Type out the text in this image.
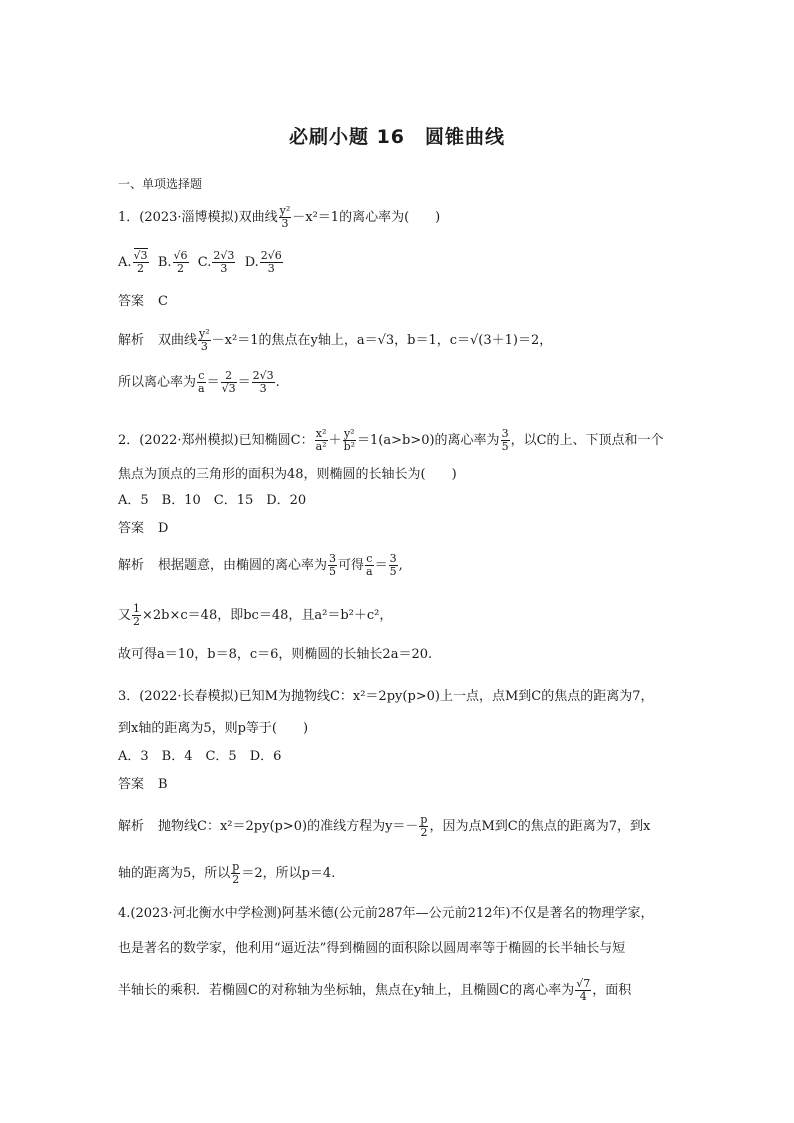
必刷小题 16　圆锥曲线
一、单项选择题
1．(2023·淄博模拟)双曲线 $\frac{\text{y²}}{3} -x^2=1$的离心率为(　　)
A. $\frac{√3}{2} B$. $\frac{√6}{2} C$. $\frac{2√3}{3} D$. $\frac{2√6}{3}$
答案 C
解析 双曲线 $\frac{\text{y²}}{3} -x^2=1$的焦点在y轴上，a＝√3，b＝1，c＝√(3＋1)＝2，
所以离心率为 $\frac{c}{a} = \frac{2}{√3} = \frac{2√3}{3}$ .
2．(2022·郑州模拟)已知椭圆C： $\frac{\text{x²}}{\text{a²}} + \frac{\text{y²}}{\text{b²}} =1(a>b>0)$的离心率为 $\frac{3}{5}$ ，以C的上、下顶点和一个
焦点为顶点的三角形的面积为48，则椭圆的长轴长为(　　)
A．5　B．10　C．15　D．20
答案 D
解析 根据题意，由椭圆的离心率为 $\frac{3}{5}$ 可得 $\frac{c}{a} = \frac{3}{5}$ ,
又 $\frac{1}{2} \times 2b\times c=48$，即bc＝48，且a²＝b²＋c²，
故可得a＝10，b＝8，c＝6，则椭圆的长轴长2a＝20.
3．(2022·长春模拟)已知M为抛物线C：x²＝2py(p>0)上一点，点M到C的焦点的距离为7，
到x轴的距离为5，则p等于(　　)
A．3　B．4　C．5　D．6
答案 B
解析 抛物线C：x²＝2py(p>0)的准线方程为$y=- \frac{p}{2}$ ，因为点M到C的焦点的距离为7，到x
轴的距离为5，所以 $\frac{p}{2} =2$，所以p＝4.
4.(2023·河北衡水中学检测)阿基米德(公元前287年—公元前212年)不仅是著名的物理学家，
也是著名的数学家，他利用“逼近法”得到椭圆的面积除以圆周率等于椭圆的长半轴长与短
半轴长的乘积．若椭圆C的对称轴为坐标轴，焦点在y轴上，且椭圆C的离心率为 $\frac{√7}{4}$ ，面积
